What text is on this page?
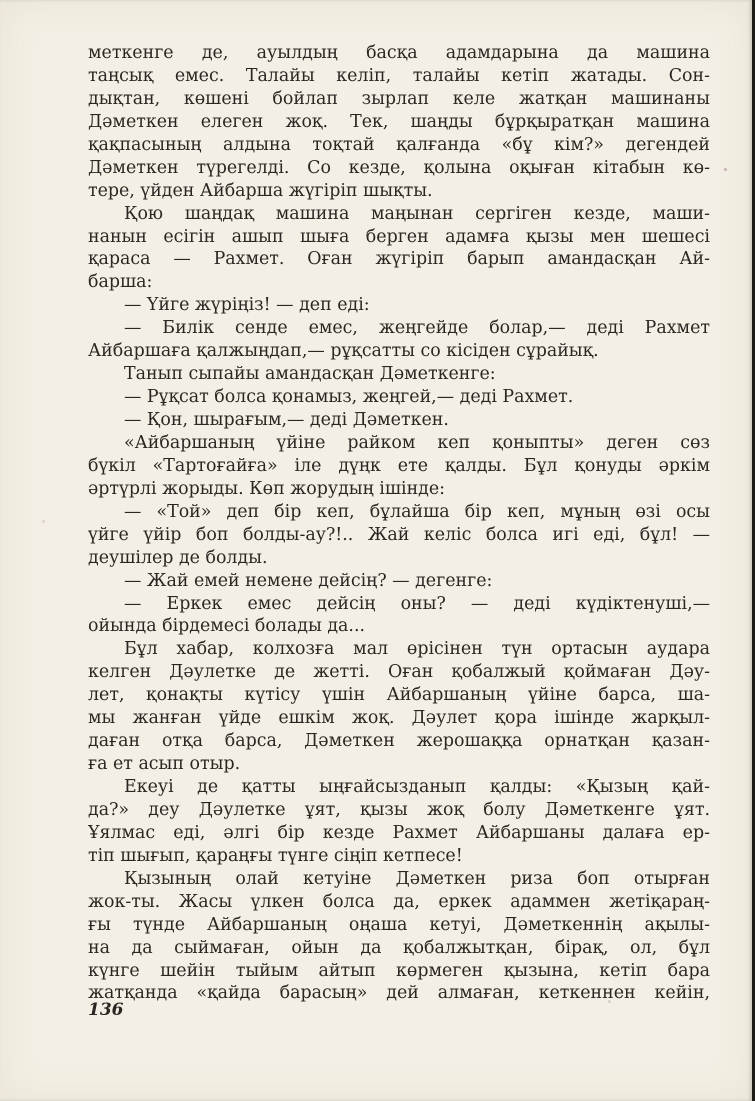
меткенге де, ауылдың басқа адамдарына да машина
таңсық емес. Талайы келіп, талайы кетіп жатады. Сон-
дықтан, көшені бойлап зырлап келе жатқан машинаны
Дәметкен елеген жоқ. Тек, шаңды бұрқыратқан машина
қақпасының алдына тоқтай қалғанда «бұ кім?» дегендей
Дәметкен түрегелді. Со кезде, қолына оқыған кітабын кө-
тере, үйден Айбарша жүгіріп шықты.
Қою шаңдақ машина маңынан сергіген кезде, маши-
нанын есігін ашып шыға берген адамға қызы мен шешесі
қараса — Рахмет. Оған жүгіріп барып амандасқан Ай-
барша:
— Үйге жүріңіз! — деп еді:
— Билік сенде емес, жеңгейде болар,— деді Рахмет
Айбаршаға қалжыңдап,— рұқсатты со кісіден сұрайық.
Танып сыпайы амандасқан Дәметкенге:
— Рұқсат болса қонамыз, жеңгей,— деді Рахмет.
— Қон, шырағым,— деді Дәметкен.
«Айбаршаның үйіне райком кеп қоныпты» деген сөз
бүкіл «Тартоғайға» іле дүңк ете қалды. Бұл қонуды әркім
әртүрлі жорыды. Көп жорудың ішінде:
— «Той» деп бір кеп, бұлайша бір кеп, мұның өзі осы
үйге үйір боп болды-ау?!.. Жай келіс болса игі еді, бұл! —
деушілер де болды.
— Жай емей немене дейсің? — дегенге:
— Еркек емес дейсің оны? — деді күдіктенуші,—
ойында бірдемесі болады да...
Бұл хабар, колхозға мал өрісінен түн ортасын аудара
келген Дәулетке де жетті. Оған қобалжый қоймаған Дәу-
лет, қонақты күтісу үшін Айбаршаның үйіне барса, ша-
мы жанған үйде ешкім жоқ. Дәулет қора ішінде жарқыл-
даған отқа барса, Дәметкен жерошаққа орнатқан қазан-
ға ет асып отыр.
Екеуі де қатты ыңғайсызданып қалды: «Қызың қай-
да?» деу Дәулетке ұят, қызы жоқ болу Дәметкенге ұят.
Ұялмас еді, әлгі бір кезде Рахмет Айбаршаны далаға ер-
тіп шығып, қараңғы түнге сіңіп кетпесе!
Қызының олай кетуіне Дәметкен риза боп отырған
жок-ты. Жасы үлкен болса да, еркек адаммен жетіқараң-
ғы түнде Айбаршаның оңаша кетуі, Дәметкеннің ақылы-
на да сыймаған, ойын да қобалжытқан, бірақ, ол, бұл
күнге шейін тыйым айтып көрмеген қызына, кетіп бара
жатқанда «қайда барасың» дей алмаған, кеткеннен кейін,
136
